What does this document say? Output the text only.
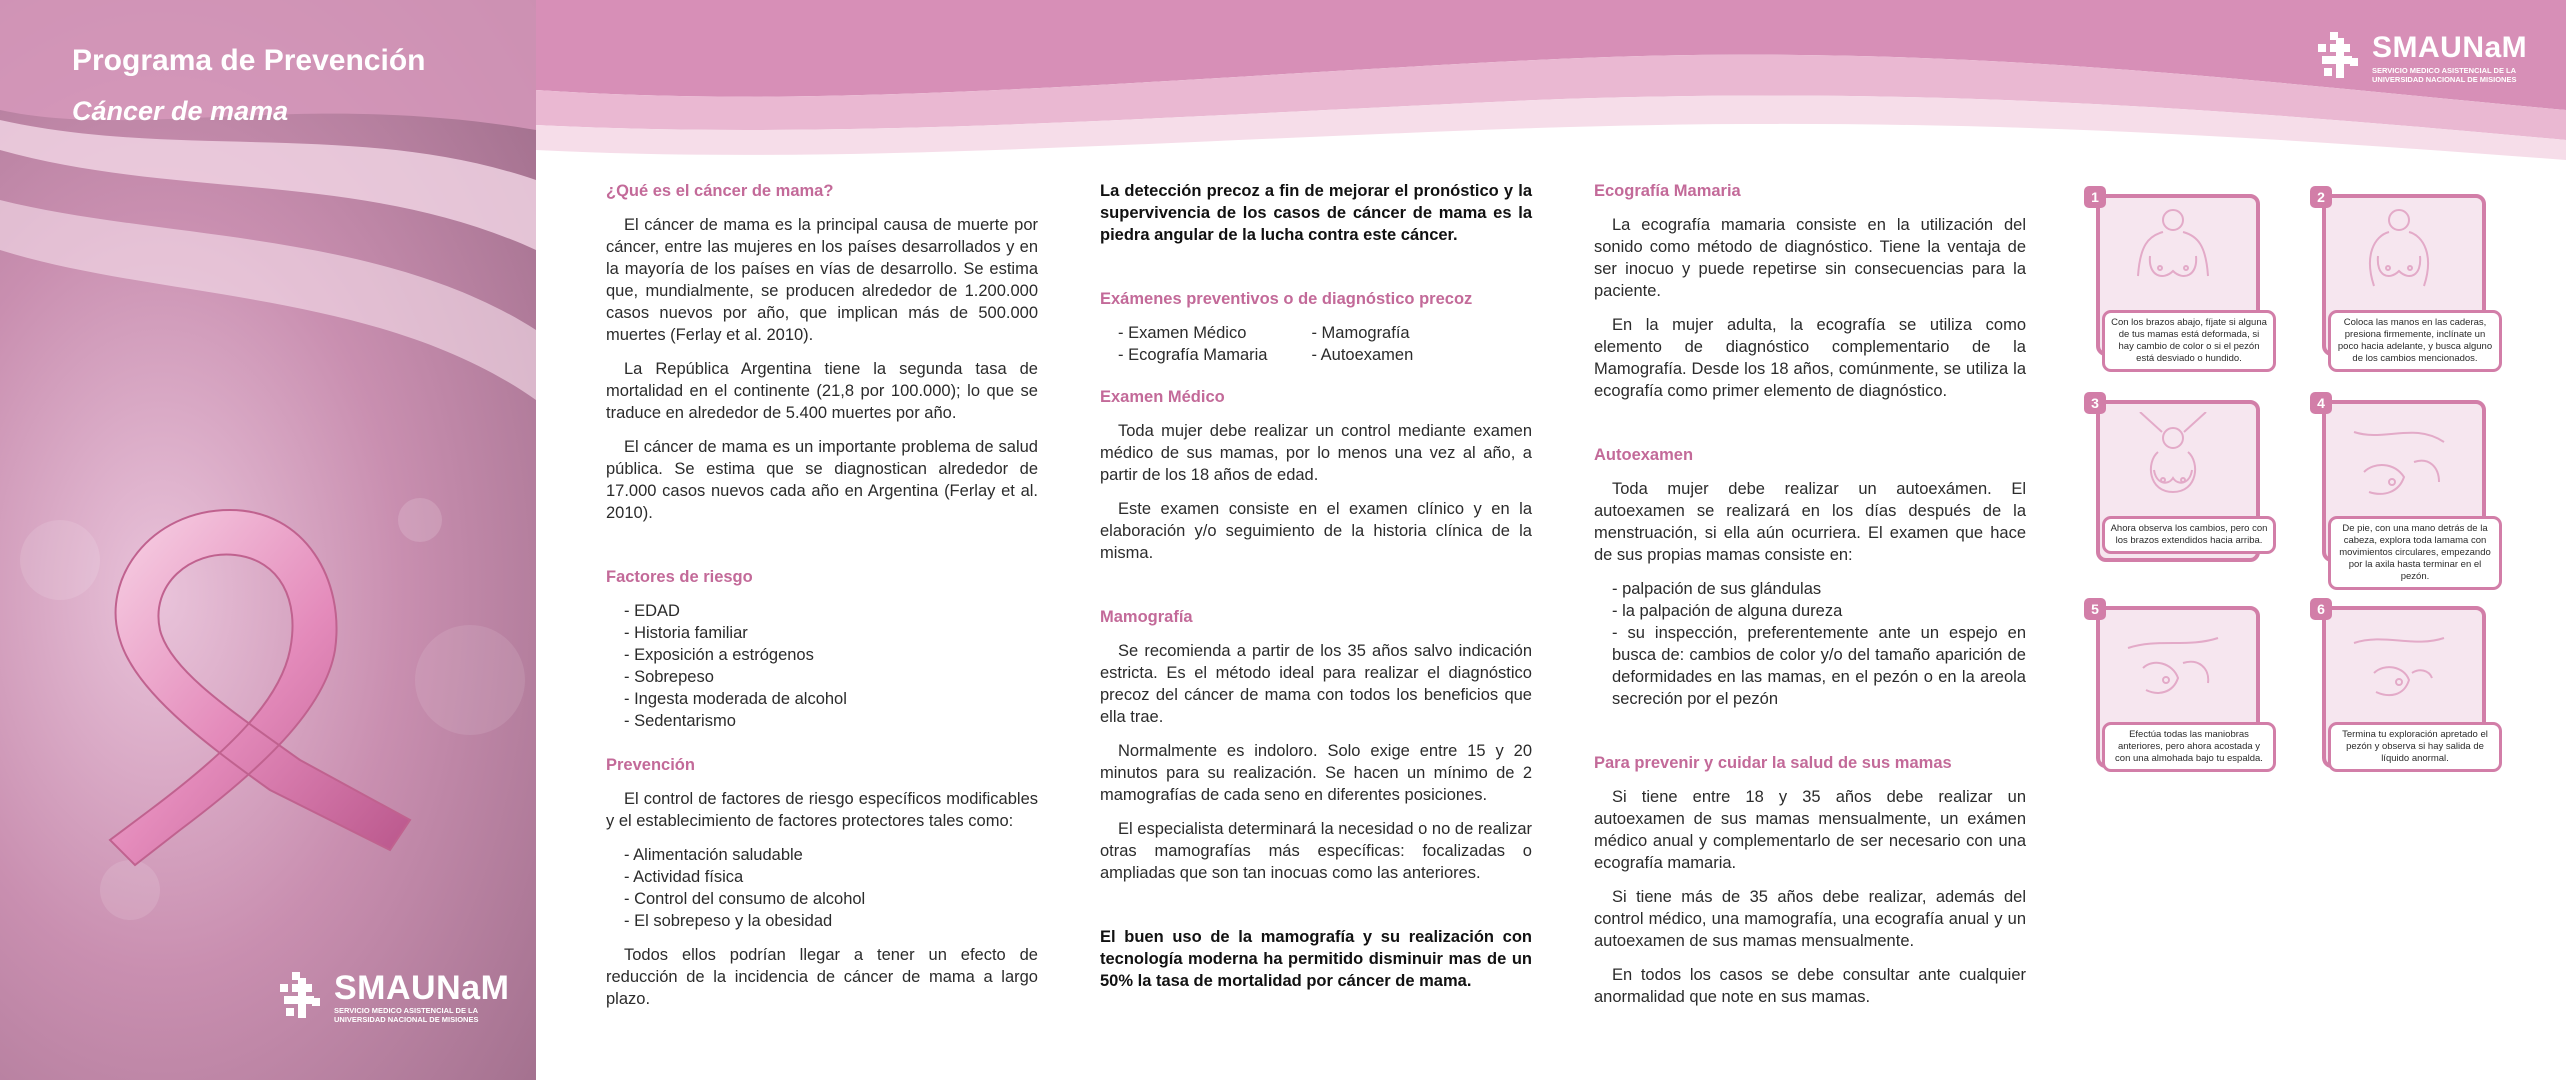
Programa de Prevención
Cáncer de mama
SMAUNaM
SERVICIO MEDICO ASISTENCIAL DE LA
UNIVERSIDAD NACIONAL DE MISIONES
SMAUNaM
SERVICIO MEDICO ASISTENCIAL DE LA
UNIVERSIDAD NACIONAL DE MISIONES
¿Qué es el cáncer de mama?

El cáncer de mama es la principal causa de muerte por cáncer, entre las mujeres en los países desarrollados y en la mayoría de los países en vías de desarrollo. Se estima que, mundialmente, se producen alrededor de 1.200.000 casos nuevos por año, que implican más de 500.000 muertes (Ferlay et al. 2010).

La República Argentina tiene la segunda tasa de mortalidad en el continente (21,8 por 100.000); lo que se traduce en alrededor de 5.400 muertes por año.

El cáncer de mama es un importante problema de salud pública. Se estima que se diagnostican alrededor de 17.000 casos nuevos cada año en Argentina (Ferlay et al. 2010).

Factores de riesgo
- EDAD
- Historia familiar
- Exposición a estrógenos
- Sobrepeso
- Ingesta moderada de alcohol
- Sedentarismo
Prevención

El control de factores de riesgo específicos modificables y el establecimiento de factores protectores tales como:

- Alimentación saludable
- Actividad física
- Control del consumo de alcohol
- El sobrepeso y la obesidad

Todos ellos podrían llegar a tener un efecto de reducción de la incidencia de cáncer de mama a largo plazo.

La detección precoz a fin de mejorar el pronóstico y la supervivencia de los casos de cáncer de mama es la piedra angular de la lucha contra este cáncer.

Exámenes preventivos o de diagnóstico precoz
- Examen Médico
- Ecografía Mamaria
- Mamografía
- Autoexamen
Examen Médico

Toda mujer debe realizar un control mediante examen médico de sus mamas, por lo menos una vez al año, a partir de los 18 años de edad.

Este examen consiste en el examen clínico y en la elaboración y/o seguimiento de la historia clínica de la misma.

Mamografía

Se recomienda a partir de los 35 años salvo indicación estricta. Es el método ideal para realizar el diagnóstico precoz del cáncer de mama con todos los beneficios que ella trae.

Normalmente es indoloro. Solo exige entre 15 y 20 minutos para su realización. Se hacen un mínimo de 2 mamografías de cada seno en diferentes posiciones.

El especialista determinará la necesidad o no de realizar otras mamografías más específicas: focalizadas o ampliadas que son tan inocuas como las anteriores.

El buen uso de la mamografía y su realización con tecnología moderna ha permitido disminuir mas de un 50% la tasa de mortalidad por cáncer de mama.

Ecografía Mamaria

La ecografía mamaria consiste en la utilización del sonido como método de diagnóstico. Tiene la ventaja de ser inocuo y puede repetirse sin consecuencias para la paciente.

En la mujer adulta, la ecografía se utiliza como elemento de diagnóstico complementario de la Mamografía. Desde los 18 años, comúnmente, se utiliza la ecografía como primer elemento de diagnóstico.

Autoexamen

Toda mujer debe realizar un autoexámen. El autoexamen se realizará en los días después de la menstruación, si ella aún ocurriera. El examen que hace de sus propias mamas consiste en:

- palpación de sus glándulas
- la palpación de alguna dureza
- su inspección, preferentemente ante un espejo en busca de: cambios de color y/o del tamaño aparición de deformidades en las mamas, en el pezón o en la areola secreción por el pezón
Para prevenir y cuidar la salud de sus mamas

Si tiene entre 18 y 35 años debe realizar un autoexamen de sus mamas mensualmente, un exámen médico anual y complementarlo de ser necesario con una ecografía mamaria.

Si tiene más de 35 años debe realizar, además del control médico, una mamografía, una ecografía anual y un autoexamen de sus mamas mensualmente.

En todos los casos se debe consultar ante cualquier anormalidad que note en sus mamas.

1
Con los brazos abajo, fíjate si alguna de tus mamas está deformada, si hay cambio de color o si el pezón está desviado o hundido.
2
Coloca las manos en las caderas, presiona firmemente, inclínate un poco hacia adelante, y busca alguno de los cambios mencionados.
3
Ahora observa los cambios, pero con los brazos extendidos hacia arriba.
4
De pie, con una mano detrás de la cabeza, explora toda lamama con movimientos circulares, empezando por la axila hasta terminar en el pezón.
5
Efectúa todas las maniobras anteriores, pero ahora acostada y con una almohada bajo tu espalda.
6
Termina tu exploración apretado el pezón y observa si hay salida de líquido anormal.
